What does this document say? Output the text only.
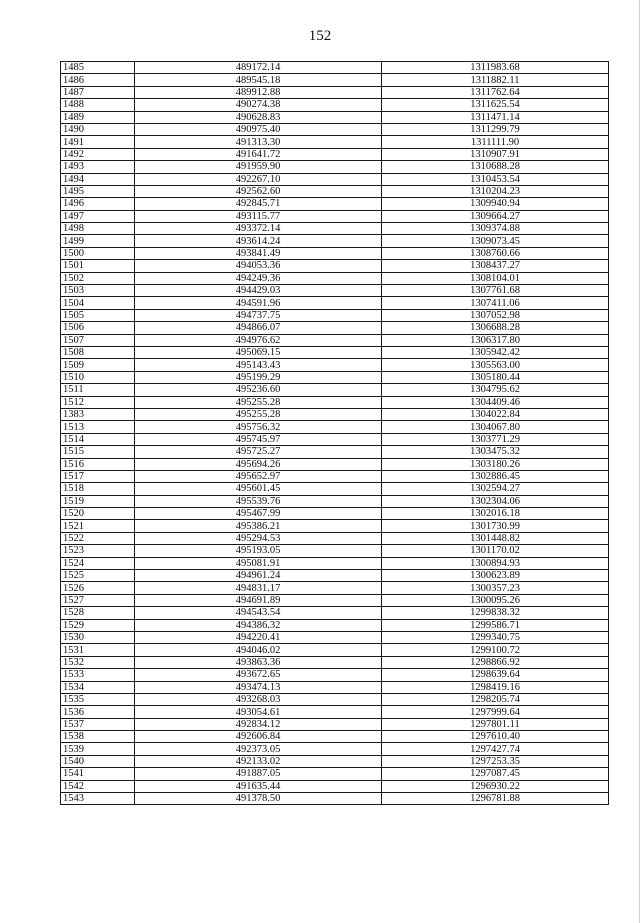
152
1485	489172.14	1311983.68
1486	489545.18	1311882.11
1487	489912.88	1311762.64
1488	490274.38	1311625.54
1489	490628.83	1311471.14
1490	490975.40	1311299.79
1491	491313.30	1311111.90
1492	491641.72	1310907.91
1493	491959.90	1310688.28
1494	492267.10	1310453.54
1495	492562.60	1310204.23
1496	492845.71	1309940.94
1497	493115.77	1309664.27
1498	493372.14	1309374.88
1499	493614.24	1309073.45
1500	493841.49	1308760.66
1501	494053.36	1308437.27
1502	494249.36	1308104.01
1503	494429.03	1307761.68
1504	494591.96	1307411.06
1505	494737.75	1307052.98
1506	494866.07	1306688.28
1507	494976.62	1306317.80
1508	495069.15	1305942.42
1509	495143.43	1305563.00
1510	495199.29	1305180.44
1511	495236.60	1304795.62
1512	495255.28	1304409.46
1383	495255.28	1304022.84
1513	495756.32	1304067.80
1514	495745.97	1303771.29
1515	495725.27	1303475.32
1516	495694.26	1303180.26
1517	495652.97	1302886.45
1518	495601.45	1302594.27
1519	495539.76	1302304.06
1520	495467.99	1302016.18
1521	495386.21	1301730.99
1522	495294.53	1301448.82
1523	495193.05	1301170.02
1524	495081.91	1300894.93
1525	494961.24	1300623.89
1526	494831.17	1300357.23
1527	494691.89	1300095.26
1528	494543.54	1299838.32
1529	494386.32	1299586.71
1530	494220.41	1299340.75
1531	494046.02	1299100.72
1532	493863.36	1298866.92
1533	493672.65	1298639.64
1534	493474.13	1298419.16
1535	493268.03	1298205.74
1536	493054.61	1297999.64
1537	492834.12	1297801.11
1538	492606.84	1297610.40
1539	492373.05	1297427.74
1540	492133.02	1297253.35
1541	491887.05	1297087.45
1542	491635.44	1296930.22
1543	491378.50	1296781.88
